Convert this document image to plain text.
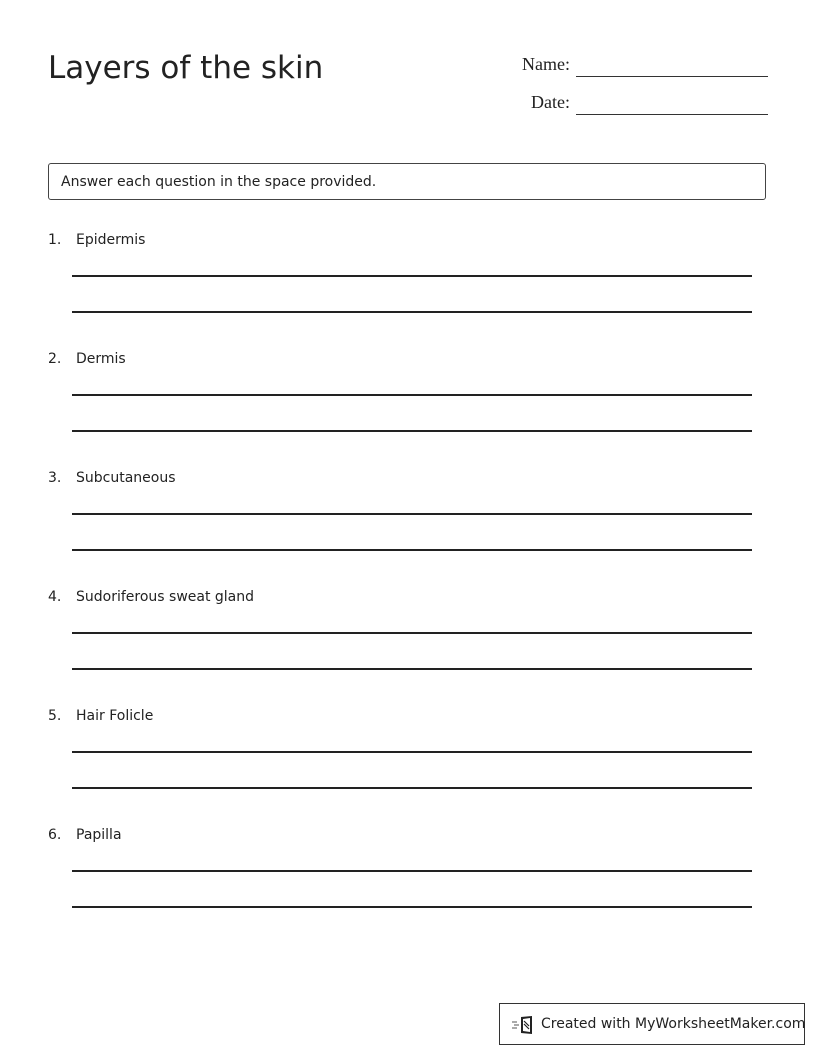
Layers of the skin	Name:
Date:
Answer each question in the space provided.
1. Epidermis
2. Dermis
3. Subcutaneous
4. Sudoriferous sweat gland
5. Hair Folicle
6. Papilla
Created with MyWorksheetMaker.com
